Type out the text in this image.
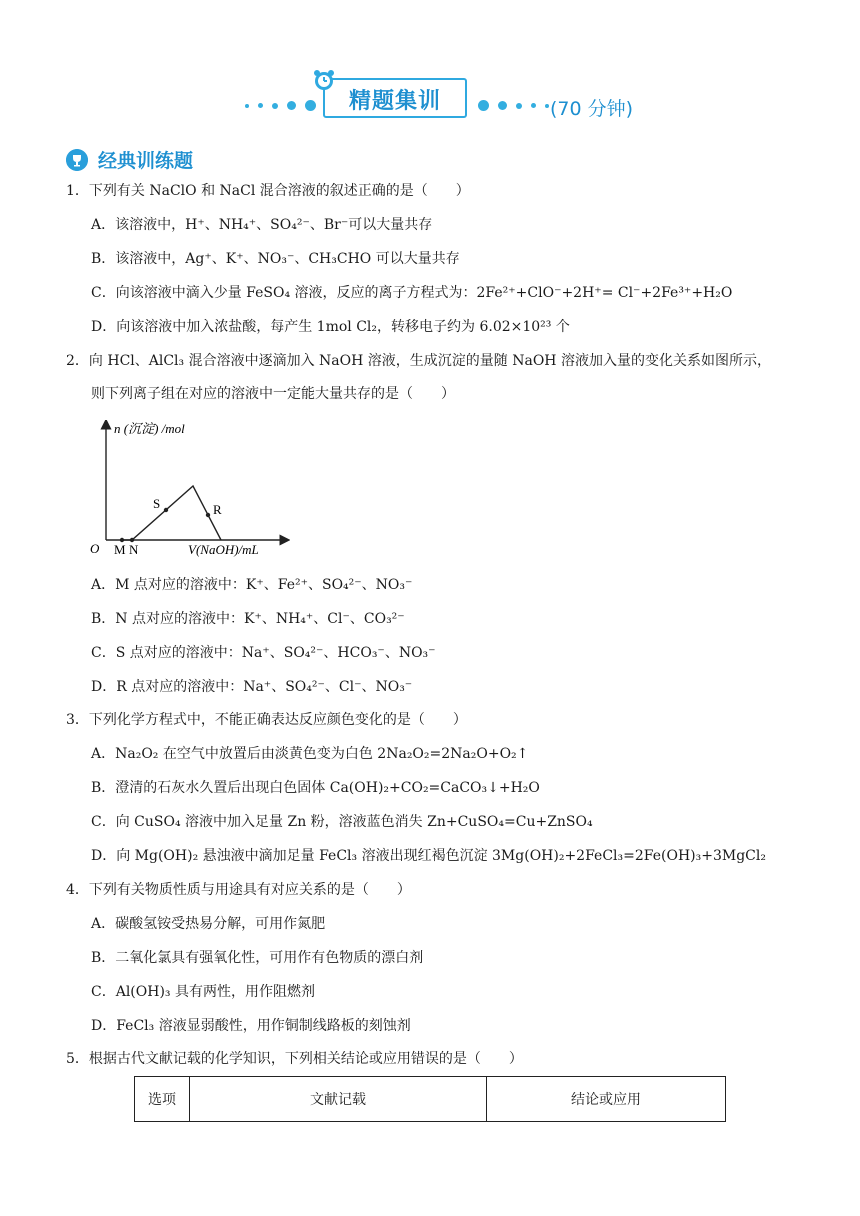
精题集训	(70 分钟)
经典训练题
1．下列有关 NaClO 和 NaCl 混合溶液的叙述正确的是（　　）
A．该溶液中，H⁺、NH₄⁺、SO₄²⁻、Br⁻可以大量共存
B．该溶液中，Ag⁺、K⁺、NO₃⁻、CH₃CHO 可以大量共存
C．向该溶液中滴入少量 FeSO₄ 溶液，反应的离子方程式为：2Fe²⁺+ClO⁻+2H⁺= Cl⁻+2Fe³⁺+H₂O
D．向该溶液中加入浓盐酸，每产生 1mol Cl₂，转移电子约为 6.02×10²³ 个
2．向 HCl、AlCl₃ 混合溶液中逐滴加入 NaOH 溶液，生成沉淀的量随 NaOH 溶液加入量的变化关系如图所示，
则下列离子组在对应的溶液中一定能大量共存的是（　　）
n (沉淀) /mol
O M N
S	R
V(NaOH)/mL
A．M 点对应的溶液中：K⁺、Fe²⁺、SO₄²⁻、NO₃⁻
B．N 点对应的溶液中：K⁺、NH₄⁺、Cl⁻、CO₃²⁻
C．S 点对应的溶液中：Na⁺、SO₄²⁻、HCO₃⁻、NO₃⁻
D．R 点对应的溶液中：Na⁺、SO₄²⁻、Cl⁻、NO₃⁻
3．下列化学方程式中，不能正确表达反应颜色变化的是（　　）
A．Na₂O₂ 在空气中放置后由淡黄色变为白色 2Na₂O₂=2Na₂O+O₂↑
B．澄清的石灰水久置后出现白色固体 Ca(OH)₂+CO₂=CaCO₃↓+H₂O
C．向 CuSO₄ 溶液中加入足量 Zn 粉，溶液蓝色消失 Zn+CuSO₄=Cu+ZnSO₄
D．向 Mg(OH)₂ 悬浊液中滴加足量 FeCl₃ 溶液出现红褐色沉淀 3Mg(OH)₂+2FeCl₃=2Fe(OH)₃+3MgCl₂
4．下列有关物质性质与用途具有对应关系的是（　　）
A．碳酸氢铵受热易分解，可用作氮肥
B．二氧化氯具有强氧化性，可用作有色物质的漂白剂
C．Al(OH)₃ 具有两性，用作阻燃剂
D．FeCl₃ 溶液显弱酸性，用作铜制线路板的刻蚀剂
5．根据古代文献记载的化学知识，下列相关结论或应用错误的是（　　）
选项	文献记载	结论或应用
